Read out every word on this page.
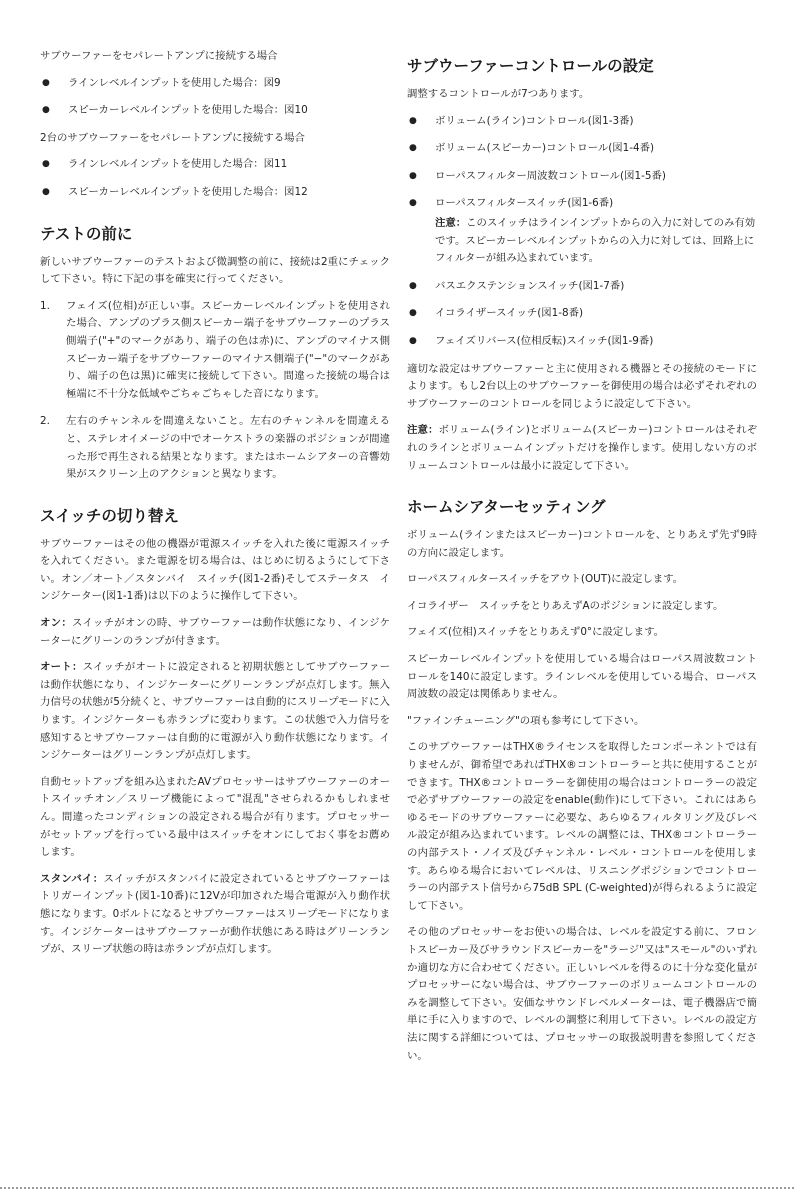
サブウーファーをセパレートアンプに接続する場合
●	ラインレベルインプットを使用した場合：図9
●	スピーカーレベルインプットを使用した場合：図10
2台のサブウーファーをセパレートアンプに接続する場合
●	ラインレベルインプットを使用した場合：図11
●	スピーカーレベルインプットを使用した場合：図12
テストの前に

新しいサブウーファーのテストおよび微調整の前に、接続は2重にチェックして下さい。特に下記の事を確実に行ってください。

1.	フェイズ(位相)が正しい事。スピーカーレベルインプットを使用された場合、アンプのプラス側スピーカー端子をサブウーファーのプラス側端子("+"のマークがあり、端子の色は赤)に、アンプのマイナス側スピーカー端子をサブウーファーのマイナス側端子("−"のマークがあり、端子の色は黒)に確実に接続して下さい。間違った接続の場合は極端に不十分な低域やごちゃごちゃした音になります。
2.	左右のチャンネルを間違えないこと。左右のチャンネルを間違えると、ステレオイメージの中でオーケストラの楽器のポジションが間違った形で再生される結果となります。またはホームシアターの音響効果がスクリーン上のアクションと異なります。
スイッチの切り替え

サブウーファーはその他の機器が電源スイッチを入れた後に電源スイッチを入れてください。また電源を切る場合は、はじめに切るようにして下さい。オン／オート／スタンバイ　スイッチ(図1-2番)そしてステータス　インジケーター(図1-1番)は以下のように操作して下さい。

オン：スイッチがオンの時、サブウーファーは動作状態になり、インジケーターにグリーンのランプが付きます。

オート：スイッチがオートに設定されると初期状態としてサブウーファーは動作状態になり、インジケーターにグリーンランプが点灯します。無入力信号の状態が5分続くと、サブウーファーは自動的にスリープモードに入ります。インジケーターも赤ランプに変わります。この状態で入力信号を感知するとサブウーファーは自動的に電源が入り動作状態になります。インジケーターはグリーンランプが点灯します。

自動セットアップを組み込まれたAVプロセッサーはサブウーファーのオートスイッチオン／スリープ機能によって"混乱"させられるかもしれません。間違ったコンディションの設定される場合が有ります。プロセッサーがセットアップを行っている最中はスイッチをオンにしておく事をお薦めします。

スタンバイ：スイッチがスタンバイに設定されているとサブウーファーはトリガーインプット(図1-10番)に12Vが印加された場合電源が入り動作状態になります。0ボルトになるとサブウーファーはスリープモードになります。インジケーターはサブウーファーが動作状態にある時はグリーンランプが、スリープ状態の時は赤ランプが点灯します。

サブウーファーコントロールの設定
調整するコントロールが7つあります。
●	ボリューム(ライン)コントロール(図1-3番)
●	ボリューム(スピーカー)コントロール(図1-4番)
●	ローパスフィルター周波数コントロール(図1-5番)
●	ローパスフィルタースイッチ(図1-6番)
注意：このスイッチはラインインプットからの入力に対してのみ有効です。スピーカーレベルインプットからの入力に対しては、回路上にフィルターが組み込まれています。
●	バスエクステンションスイッチ(図1-7番)
●	イコライザースイッチ(図1-8番)
●	フェイズリバース(位相反転)スイッチ(図1-9番)

適切な設定はサブウーファーと主に使用される機器とその接続のモードによります。もし2台以上のサブウーファーを御使用の場合は必ずそれぞれのサブウーファーのコントロールを同じように設定して下さい。

注意：ボリューム(ライン)とボリューム(スピーカー)コントロールはそれぞれのラインとボリュームインプットだけを操作します。使用しない方のボリュームコントロールは最小に設定して下さい。

ホームシアターセッティング

ボリューム(ラインまたはスピーカー)コントロールを、とりあえず先ず9時の方向に設定します。

ローパスフィルタースイッチをアウト(OUT)に設定します。

イコライザー　スイッチをとりあえずAのポジションに設定します。

フェイズ(位相)スイッチをとりあえず0°に設定します。

スピーカーレベルインプットを使用している場合はローパス周波数コントロールを140に設定します。ラインレベルを使用している場合、ローパス周波数の設定は関係ありません。

"ファインチューニング"の項も参考にして下さい。

このサブウーファーはTHX®ライセンスを取得したコンポーネントでは有りませんが、御希望であればTHX®コントローラーと共に使用することができます。THX®コントローラーを御使用の場合はコントローラーの設定で必ずサブウーファーの設定をenable(動作)にして下さい。これにはあらゆるモードのサブウーファーに必要な、あらゆるフィルタリング及びレベル設定が組み込まれています。レベルの調整には、THX®コントローラーの内部テスト・ノイズ及びチャンネル・レベル・コントロールを使用します。あらゆる場合においてレベルは、リスニングポジションでコントローラーの内部テスト信号から75dB SPL (C-weighted)が得られるように設定して下さい。

その他のプロセッサーをお使いの場合は、レベルを設定する前に、フロントスピーカー及びサラウンドスピーカーを"ラージ"又は"スモール"のいずれか適切な方に合わせてください。正しいレベルを得るのに十分な変化量がプロセッサーにない場合は、サブウーファーのボリュームコントロールのみを調整して下さい。安価なサウンドレベルメーターは、電子機器店で簡単に手に入りますので、レベルの調整に利用して下さい。レベルの設定方法に関する詳細については、プロセッサーの取扱説明書を参照してください。
